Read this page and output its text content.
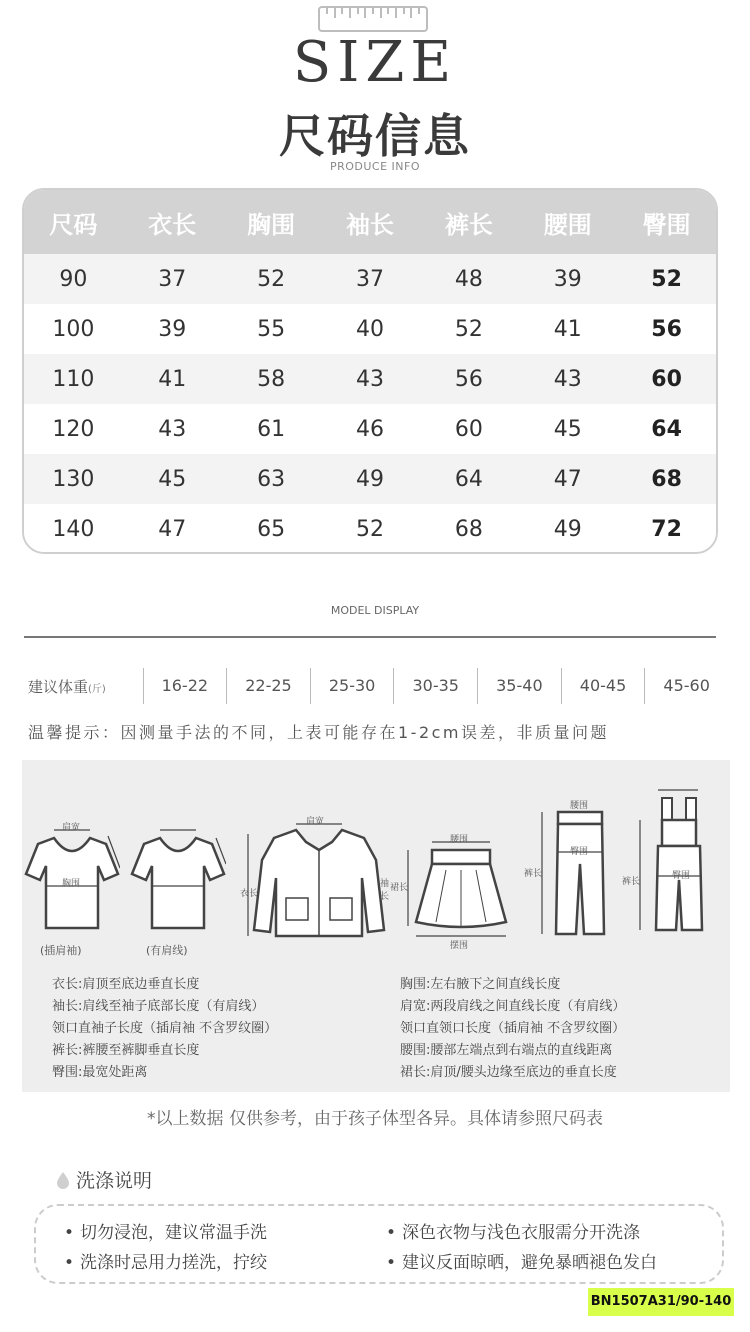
SIZE
尺码信息
PRODUCE INFO
尺码	衣长	胸围	袖长	裤长	腰围	臀围
90	37	52	37	48	39	52
100	39	55	40	52	41	56
110	41	58	43	56	43	60
120	43	61	46	60	45	64
130	45	63	49	64	47	68
140	47	65	52	68	49	72
MODEL DISPLAY
建议体重(斤)	16-22	22-25	25-30	30-35	35-40	40-45	45-60
温馨提示：因测量手法的不同，上表可能存在1-2cm误差，非质量问题
肩宽
胸围
(插肩袖)	(有肩线)
肩宽
衣长
袖长
腰围
裙长
摆围
裤长
腰围
臀围
裤长
臀围
衣长:肩顶至底边垂直长度
袖长:肩线至袖子底部长度（有肩线）
领口直袖子长度（插肩袖 不含罗纹圈）
裤长:裤腰至裤脚垂直长度
臀围:最宽处距离
胸围:左右腋下之间直线长度
肩宽:两段肩线之间直线长度（有肩线）
领口直领口长度（插肩袖 不含罗纹圈）
腰围:腰部左端点到右端点的直线距离
裙长:肩顶/腰头边缘至底边的垂直长度
*以上数据 仅供参考，由于孩子体型各异。具体请参照尺码表
洗涤说明
• 切勿浸泡，建议常温手洗	• 深色衣物与浅色衣服需分开洗涤
• 洗涤时忌用力搓洗，拧绞	• 建议反面晾晒，避免暴晒褪色发白
BN1507A31/90-140
